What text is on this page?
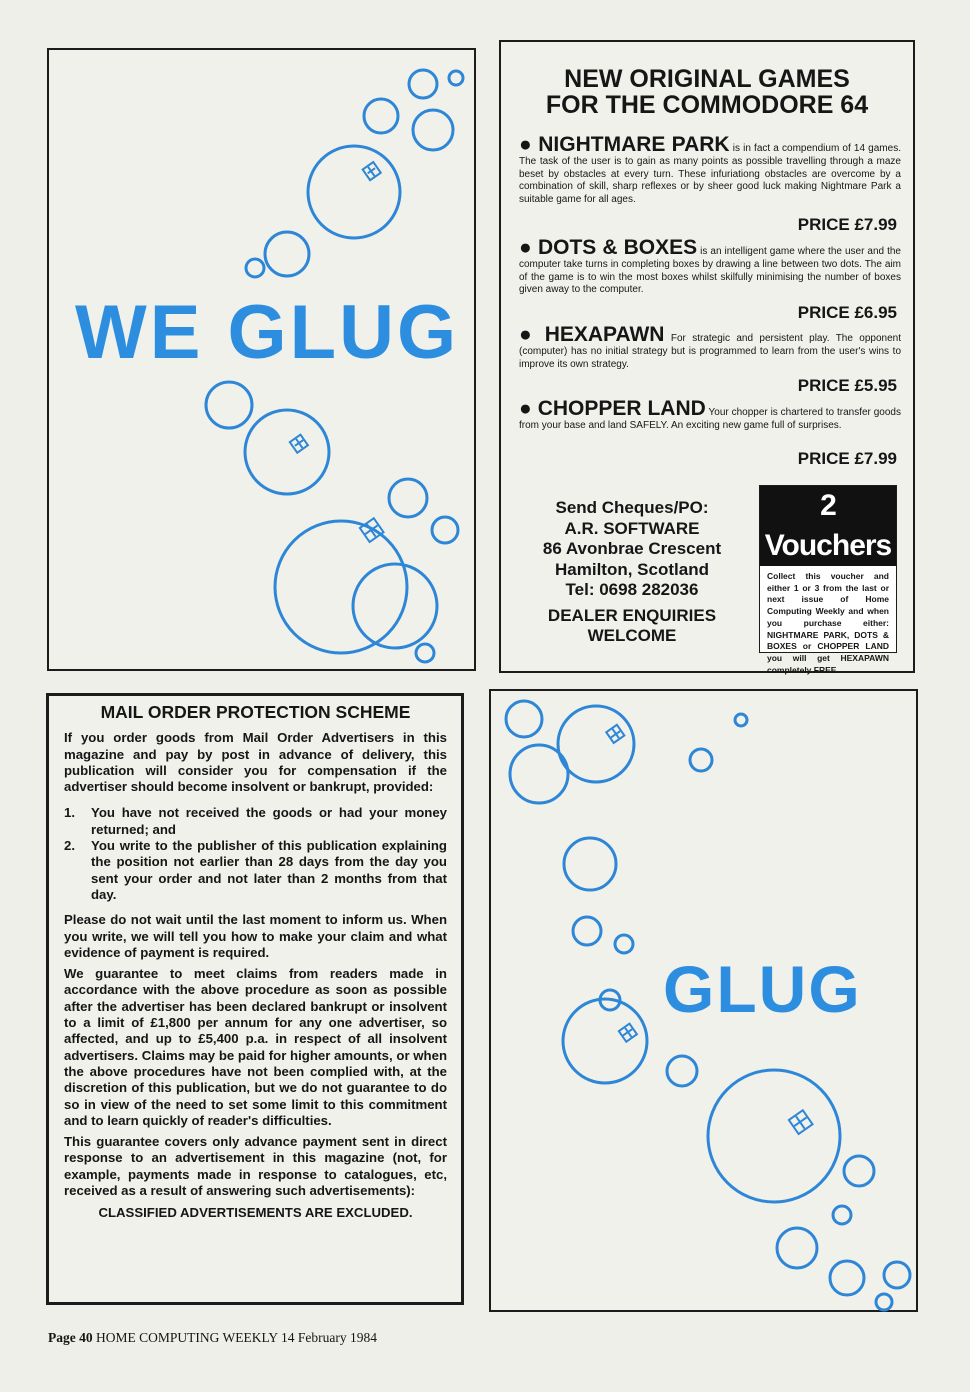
WE GLUG
NEW ORIGINAL GAMES
FOR THE COMMODORE 64
● NIGHTMARE PARK is in fact a compendium of 14 games. The task of the user is to gain as many points as possible travelling through a maze beset by obstacles at every turn. These infuriationg obstacles are overcome by a combination of skill, sharp reflexes or by sheer good luck making Nightmare Park a suitable game for all ages.
PRICE £7.99
● DOTS & BOXES is an intelligent game where the user and the computer take turns in completing boxes by drawing a line between two dots. The aim of the game is to win the most boxes whilst skilfully minimising the number of boxes given away to the computer.
PRICE £6.95
● HEXAPAWN For strategic and persistent play. The opponent (computer) has no initial strategy but is programmed to learn from the user's wins to improve its own strategy.
PRICE £5.95
● CHOPPER LAND Your chopper is chartered to transfer goods from your base and land SAFELY. An exciting new game full of surprises.
PRICE £7.99
Send Cheques/PO:
A.R. SOFTWARE
86 Avonbrae Crescent
Hamilton, Scotland
Tel: 0698 282036
DEALER ENQUIRIES
WELCOME
2 Vouchers
Collect this voucher and either 1 or 3 from the last or next issue of Home Computing Weekly and when you purchase either: NIGHTMARE PARK, DOTS & BOXES or CHOPPER LAND you will get HEXAPAWN completely FREE.
MAIL ORDER PROTECTION SCHEME

If you order goods from Mail Order Advertisers in this magazine and pay by post in advance of delivery, this publication will consider you for compensation if the advertiser should become insolvent or bankrupt, provided:

1. You have not received the goods or had your money returned; and

2. You write to the publisher of this publication explaining the position not earlier than 28 days from the day you sent your order and not later than 2 months from that day.

Please do not wait until the last moment to inform us. When you write, we will tell you how to make your claim and what evidence of payment is required.

We guarantee to meet claims from readers made in accordance with the above procedure as soon as possible after the advertiser has been declared bankrupt or insolvent to a limit of £1,800 per annum for any one advertiser, so affected, and up to £5,400 p.a. in respect of all insolvent advertisers. Claims may be paid for higher amounts, or when the above procedures have not been complied with, at the discretion of this publication, but we do not guarantee to do so in view of the need to set some limit to this commitment and to learn quickly of reader's difficulties.

This guarantee covers only advance payment sent in direct response to an advertisement in this magazine (not, for example, payments made in response to catalogues, etc, received as a result of answering such advertisements):

CLASSIFIED ADVERTISEMENTS ARE EXCLUDED.

GLUG
Page 40 HOME COMPUTING WEEKLY 14 February 1984
